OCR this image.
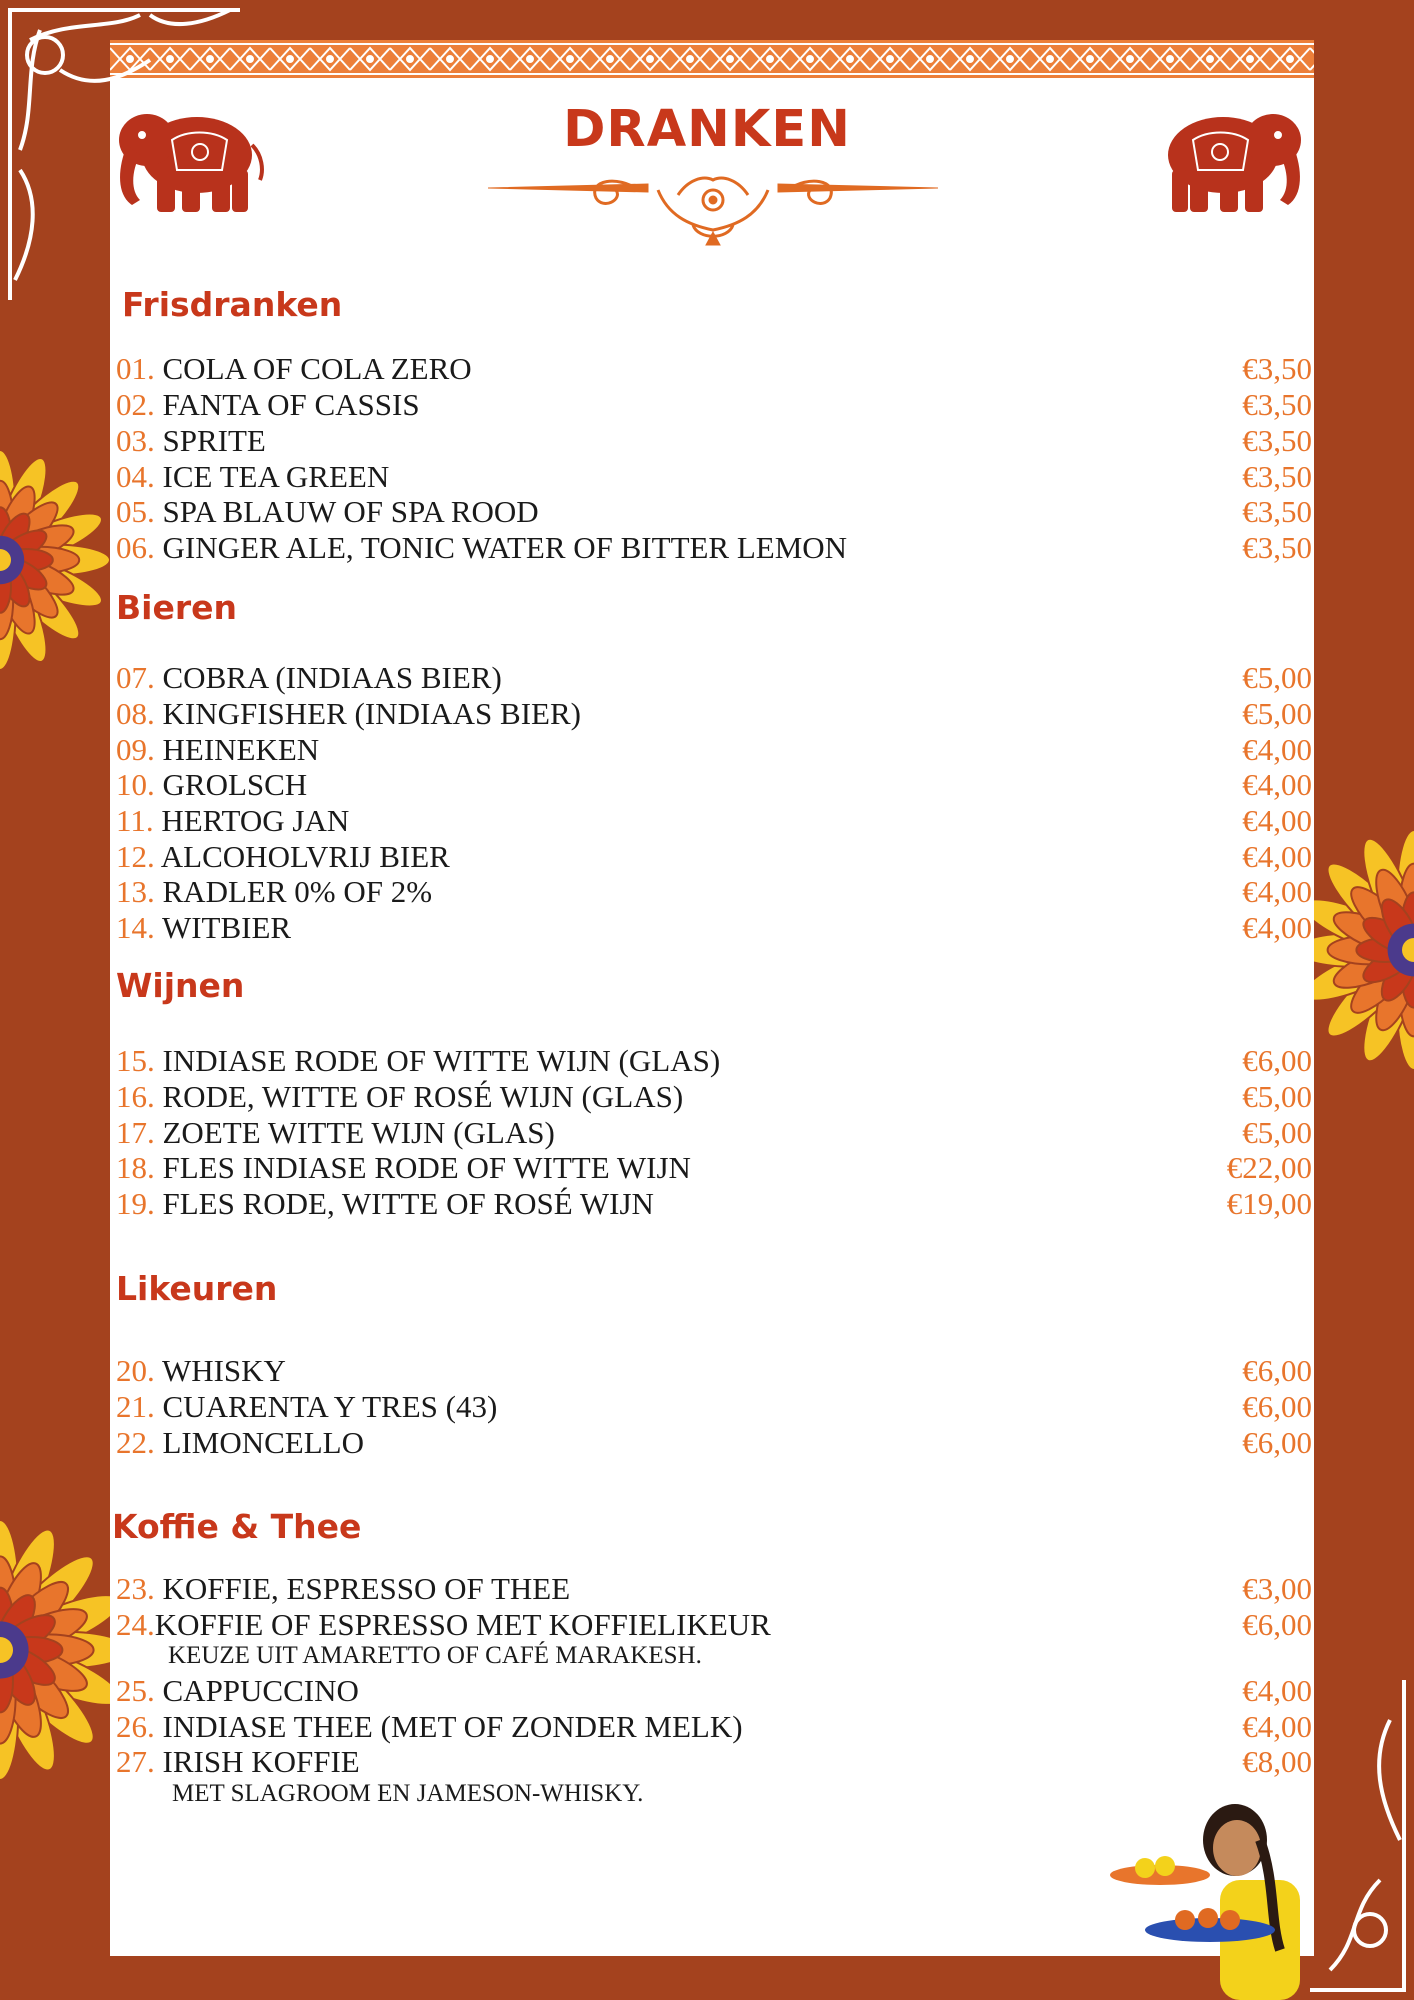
DRANKEN
Frisdranken
01. COLA OF COLA ZERO	€3,50
02. FANTA OF CASSIS	€3,50
03. SPRITE	€3,50
04. ICE TEA GREEN	€3,50
05. SPA BLAUW OF SPA ROOD	€3,50
06. GINGER ALE, TONIC WATER OF BITTER LEMON	€3,50
Bieren
07. COBRA (INDIAAS BIER)	€5,00
08. KINGFISHER (INDIAAS BIER)	€5,00
09. HEINEKEN	€4,00
10. GROLSCH	€4,00
11. HERTOG JAN	€4,00
12. ALCOHOLVRIJ BIER	€4,00
13. RADLER 0% OF 2%	€4,00
14. WITBIER	€4,00
Wijnen
15. INDIASE RODE OF WITTE WIJN (GLAS)	€6,00
16. RODE, WITTE OF ROSÉ WIJN (GLAS)	€5,00
17. ZOETE WITTE WIJN (GLAS)	€5,00
18. FLES INDIASE RODE OF WITTE WIJN	€22,00
19. FLES RODE, WITTE OF ROSÉ WIJN	€19,00
Likeuren
20. WHISKY	€6,00
21. CUARENTA Y TRES (43)	€6,00
22. LIMONCELLO	€6,00
Koffie & Thee
23. KOFFIE, ESPRESSO OF THEE	€3,00
24.KOFFIE OF ESPRESSO MET KOFFIELIKEUR	€6,00
KEUZE UIT AMARETTO OF CAFÉ MARAKESH.
25. CAPPUCCINO	€4,00
26. INDIASE THEE (MET OF ZONDER MELK)	€4,00
27. IRISH KOFFIE	€8,00
MET SLAGROOM EN JAMESON-WHISKY.
